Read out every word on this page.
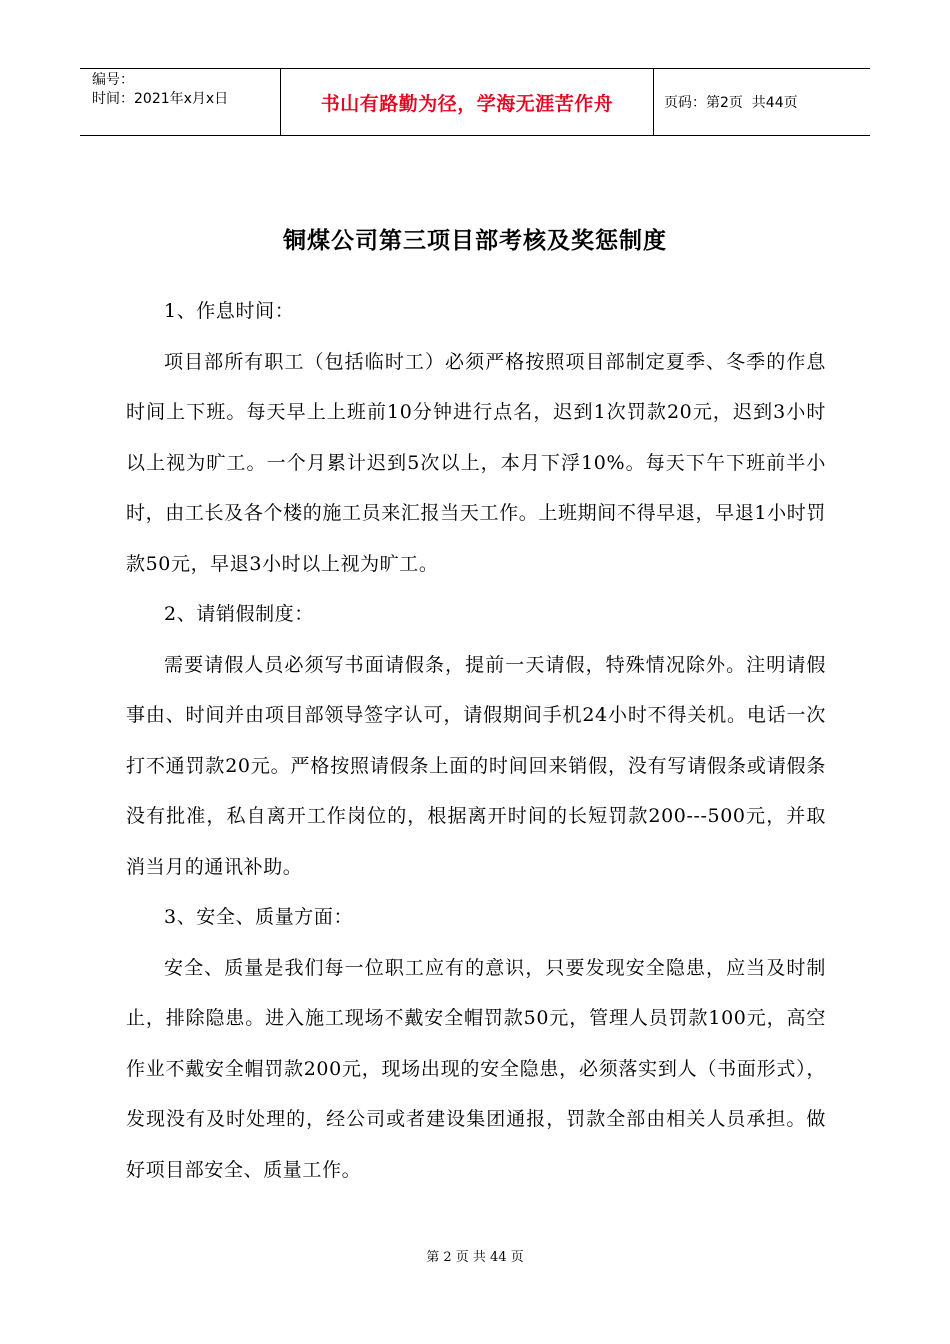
编号：
时间：2021年x月x日	书山有路勤为径，学海无涯苦作舟	页码：第2页  共44页
铜煤公司第三项目部考核及奖惩制度

1、作息时间：

项目部所有职工（包括临时工）必须严格按照项目部制定夏季、冬季的作息时间上下班。每天早上上班前10分钟进行点名，迟到1次罚款20元，迟到3小时以上视为旷工。一个月累计迟到5次以上，本月下浮10%。每天下午下班前半小时，由工长及各个楼的施工员来汇报当天工作。上班期间不得早退，早退1小时罚款50元，早退3小时以上视为旷工。

2、请销假制度：

需要请假人员必须写书面请假条，提前一天请假，特殊情况除外。注明请假事由、时间并由项目部领导签字认可，请假期间手机24小时不得关机。电话一次打不通罚款20元。严格按照请假条上面的时间回来销假，没有写请假条或请假条没有批准，私自离开工作岗位的，根据离开时间的长短罚款200---500元，并取消当月的通讯补助。

3、安全、质量方面：

安全、质量是我们每一位职工应有的意识，只要发现安全隐患，应当及时制止，排除隐患。进入施工现场不戴安全帽罚款50元，管理人员罚款100元，高空作业不戴安全帽罚款200元，现场出现的安全隐患，必须落实到人（书面形式），发现没有及时处理的，经公司或者建设集团通报，罚款全部由相关人员承担。做好项目部安全、质量工作。

第 2 页 共 44 页
